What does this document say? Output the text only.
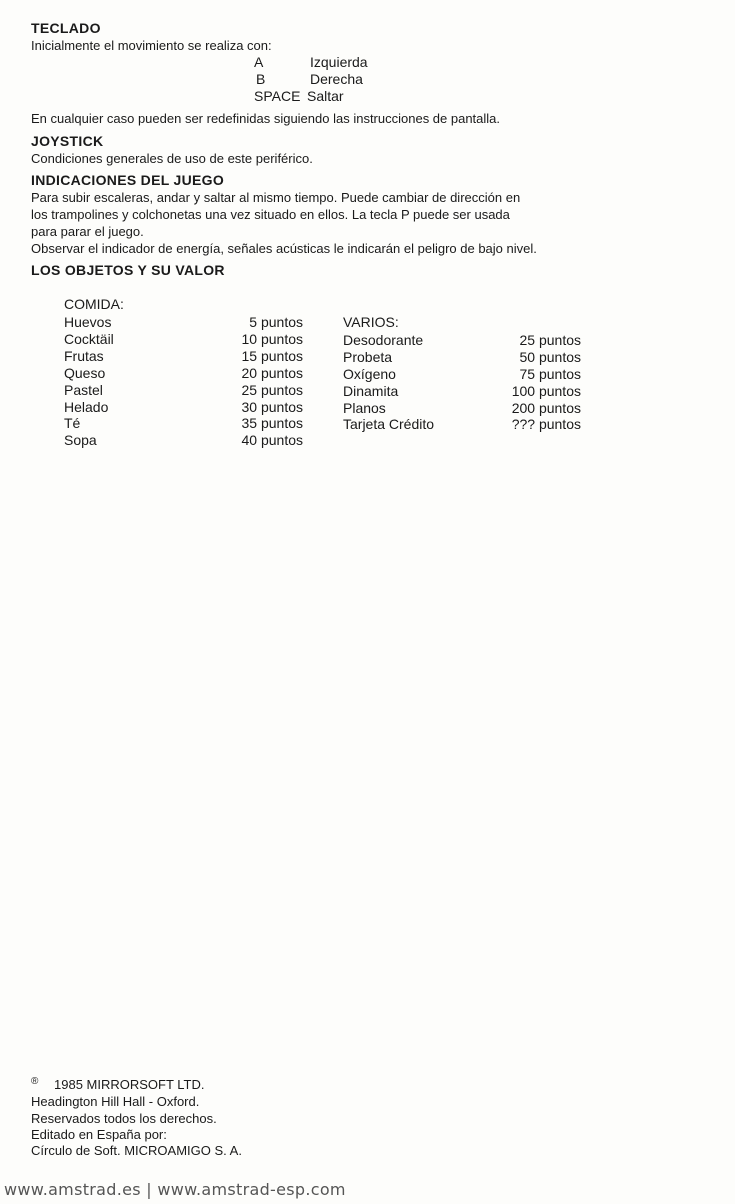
TECLADO
Inicialmente el movimiento se realiza con:
A	Izquierda
B	Derecha
SPACE Saltar
En cualquier caso pueden ser redefinidas siguiendo las instrucciones de pantalla.
JOYSTICK
Condiciones generales de uso de este periférico.
INDICACIONES DEL JUEGO
Para subir escaleras, andar y saltar al mismo tiempo. Puede cambiar de dirección en
los trampolines y colchonetas una vez situado en ellos. La tecla P puede ser usada
para parar el juego.
Observar el indicador de energía, señales acústicas le indicarán el peligro de bajo nivel.
LOS OBJETOS Y SU VALOR
COMIDA:
Huevos	5 puntos
Cocktäil	10 puntos
Frutas	15 puntos
Queso	20 puntos
Pastel	25 puntos
Helado	30 puntos
Té	35 puntos
Sopa	40 puntos
VARIOS:
Desodorante	25 puntos
Probeta	50 puntos
Oxígeno	75 puntos
Dinamita	100 puntos
Planos	200 puntos
Tarjeta Crédito	??? puntos
® 1985 MIRRORSOFT LTD.
Headington Hill Hall - Oxford.
Reservados todos los derechos.
Editado en España por:
Círculo de Soft. MICROAMIGO S. A.
www.amstrad.es | www.amstrad-esp.com
